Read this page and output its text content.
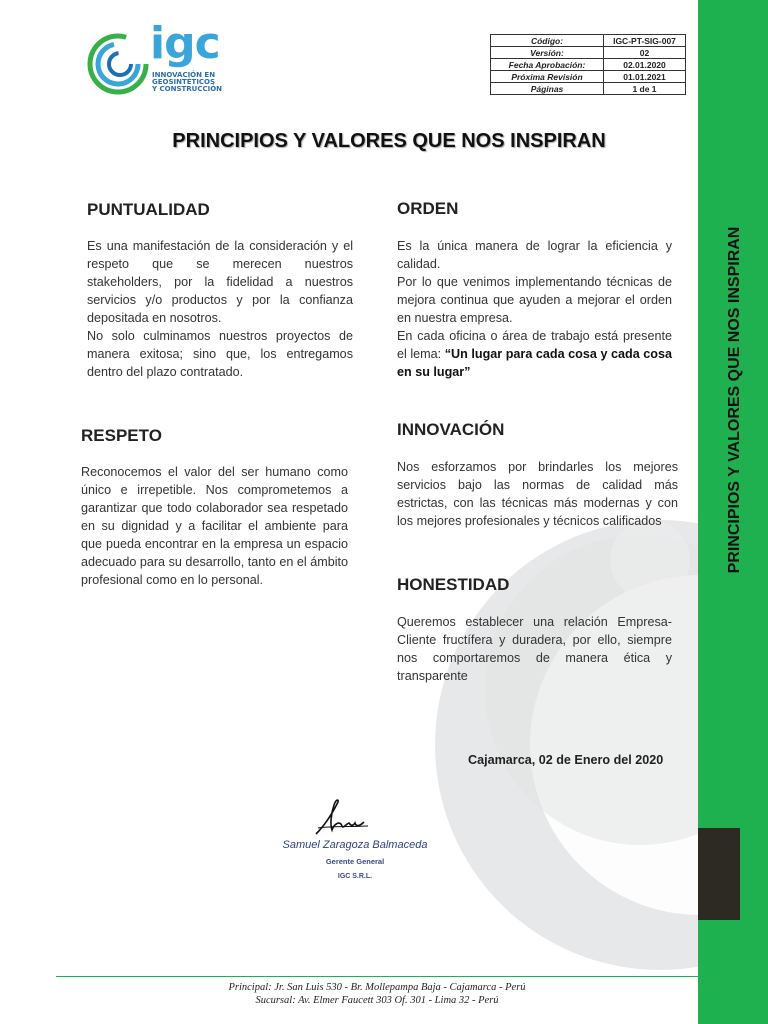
PRINCIPIOS Y VALORES QUE NOS INSPIRAN
igc
INNOVACIÓN EN
GEOSINTÉTICOS
Y CONSTRUCCIÓN
Código:	IGC-PT-SIG-007
Versión:	02
Fecha Aprobación:	02.01.2020
Próxima Revisión	01.01.2021
Páginas	1 de 1
PRINCIPIOS Y VALORES QUE NOS INSPIRAN
PUNTUALIDAD

Es una manifestación de la consideración y el respeto que se merecen nuestros stakeholders, por la fidelidad a nuestros servicios y/o productos y por la confianza depositada en nosotros.

No solo culminamos nuestros proyectos de manera exitosa; sino que, los entregamos dentro del plazo contratado.

ORDEN

Es la única manera de lograr la eficiencia y calidad.

Por lo que venimos implementando técnicas de mejora continua que ayuden a mejorar el orden en nuestra empresa.

En cada oficina o área de trabajo está presente el lema: “Un lugar para cada cosa y cada cosa en su lugar”

RESPETO

Reconocemos el valor del ser humano como único e irrepetible. Nos comprometemos a garantizar que todo colaborador sea respetado en su dignidad y a facilitar el ambiente para que pueda encontrar en la empresa un espacio adecuado para su desarrollo, tanto en el ámbito profesional como en lo personal.

INNOVACIÓN

Nos esforzamos por brindarles los mejores servicios bajo las normas de calidad más estrictas, con las técnicas más modernas y con los mejores profesionales y técnicos calificados

HONESTIDAD

Queremos establecer una relación Empresa-Cliente fructífera y duradera, por ello, siempre nos comportaremos de manera ética y transparente

Cajamarca, 02 de Enero del 2020
Samuel Zaragoza Balmaceda
Gerente General
IGC S.R.L.
Principal: Jr. San Luis 530 - Br. Mollepampa Baja - Cajamarca - Perú
Sucursal: Av. Elmer Faucett 303 Of. 301 - Lima 32 - Perú
